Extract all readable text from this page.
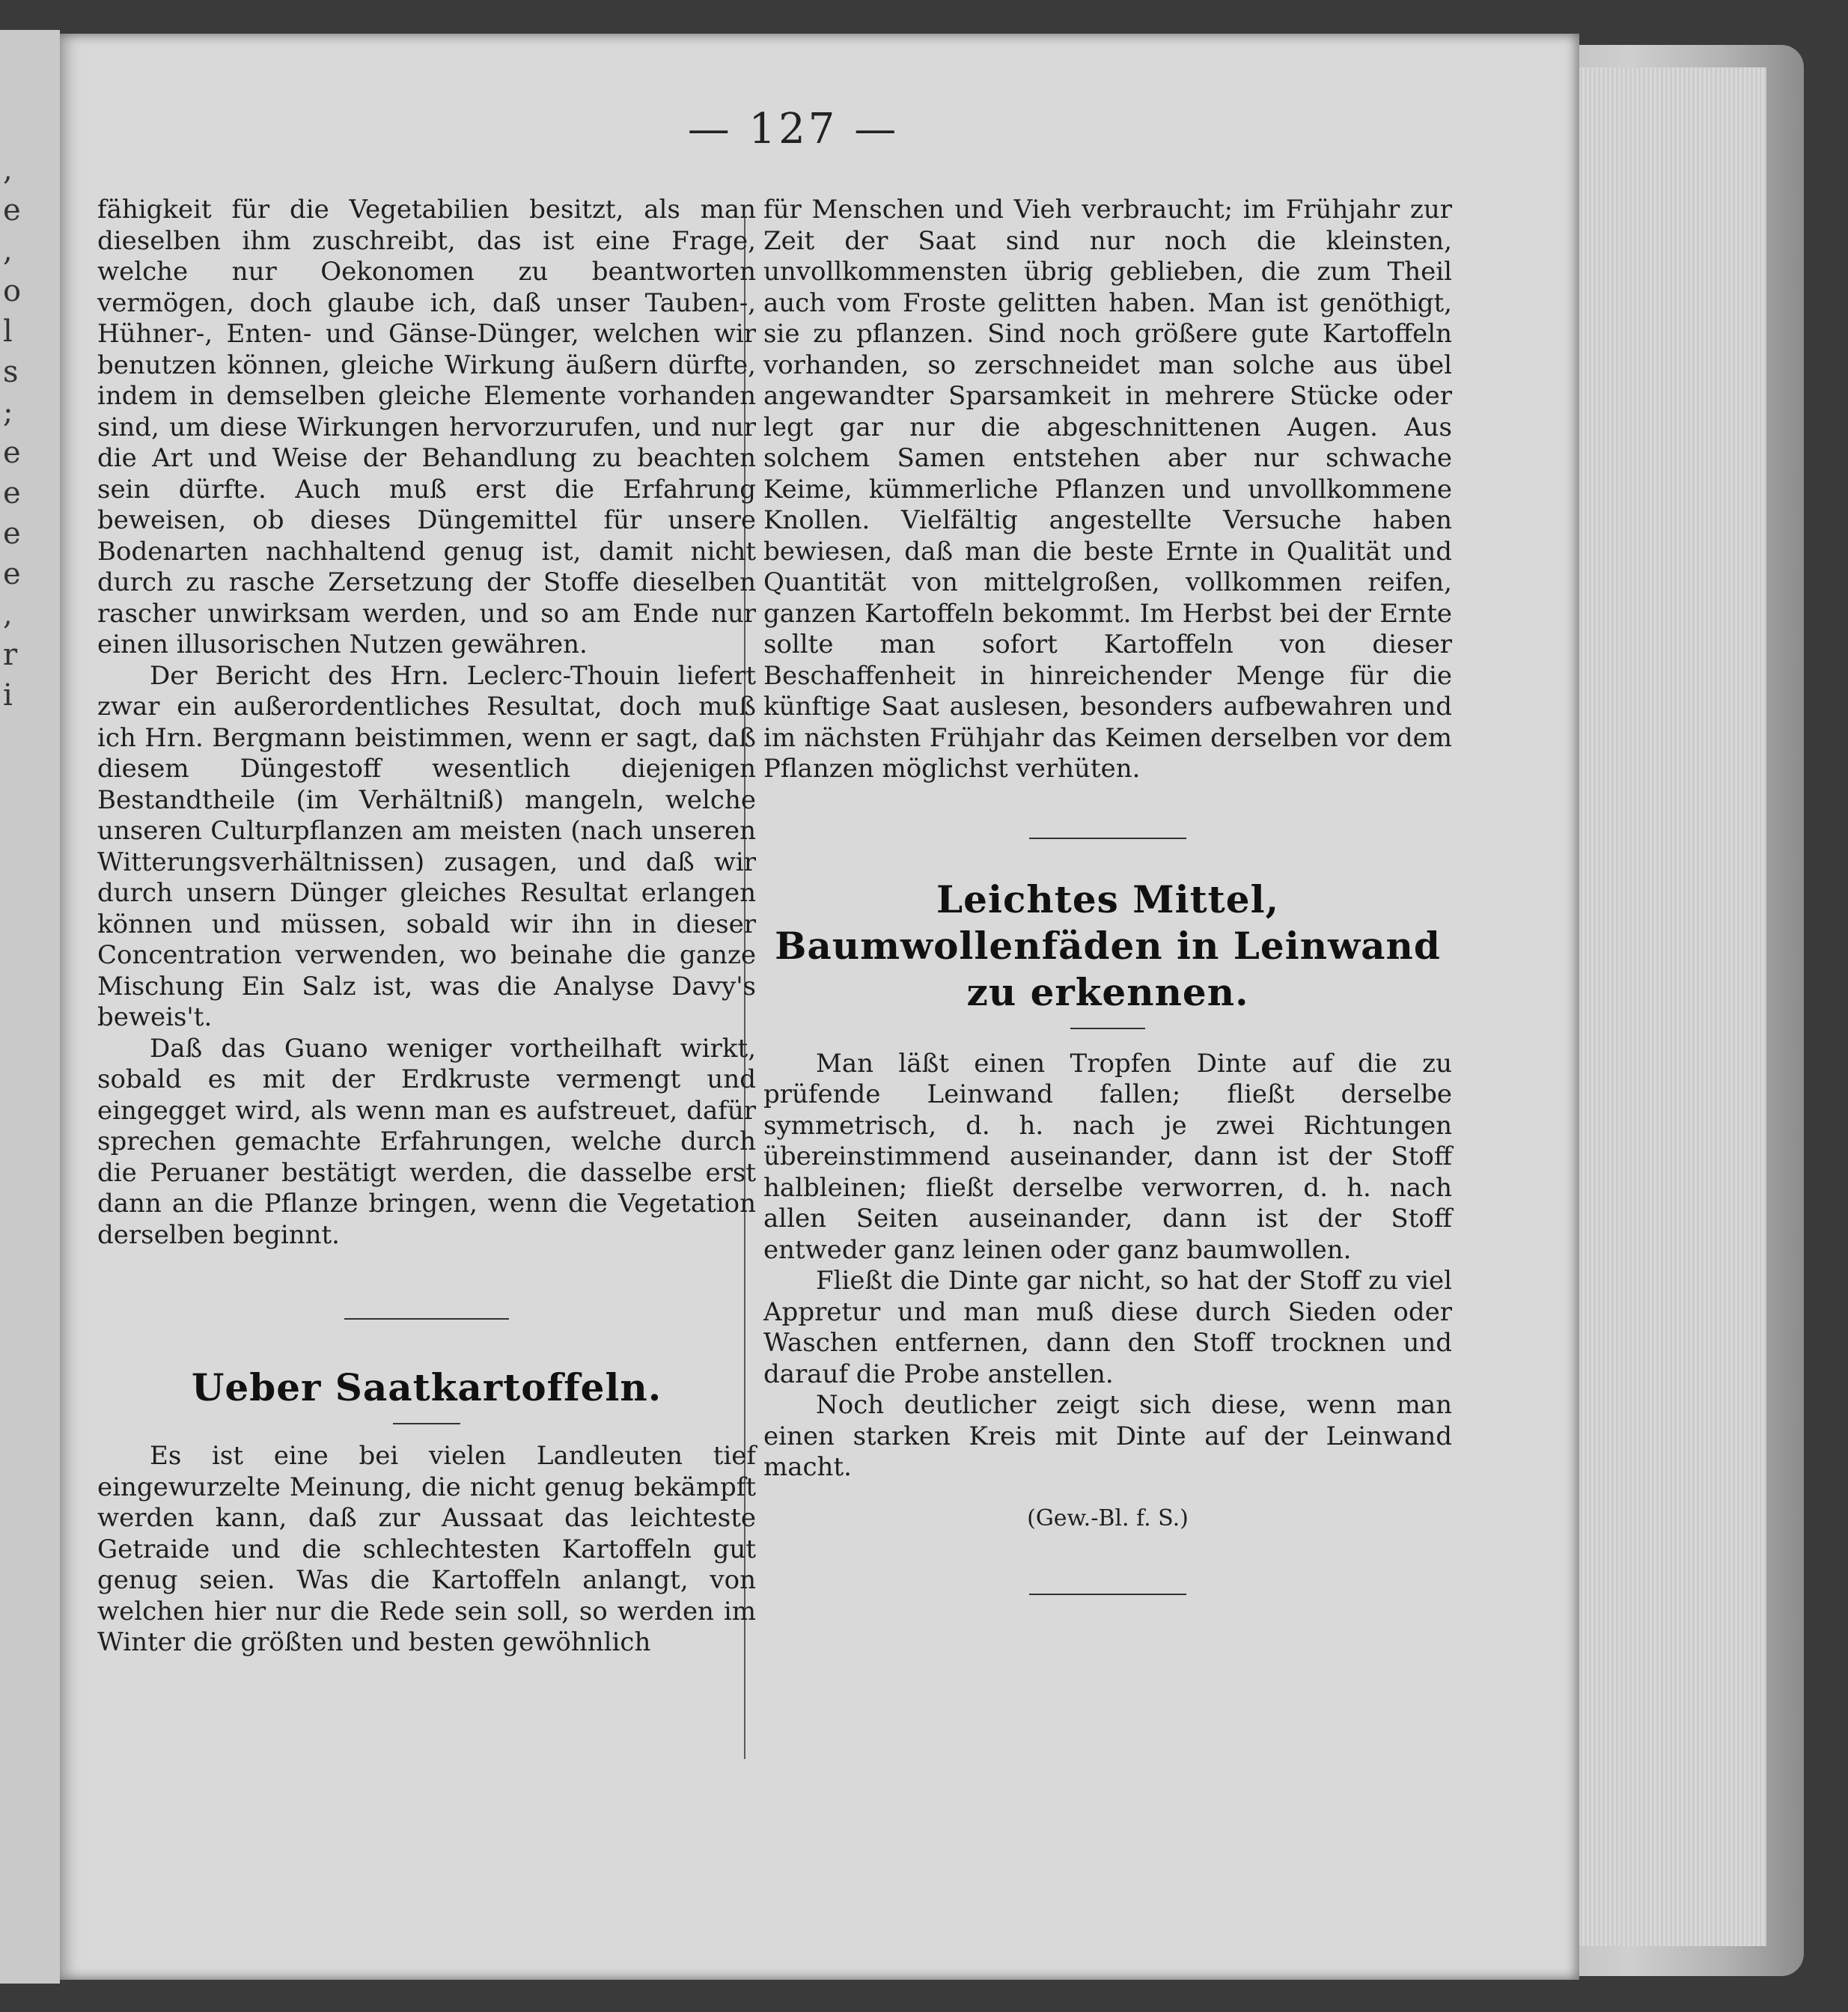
,
e
,
o
l
s
;
e
e
e
e
,
r
i
— 127 —

fähigkeit für die Vegetabilien besitzt, als man dieselben ihm zuschreibt, das ist eine Frage, welche nur Oekonomen zu beantworten vermögen, doch glaube ich, daß unser Tauben-, Hühner-, Enten- und Gänse-Dünger, welchen wir benutzen können, gleiche Wirkung äußern dürfte, indem in demselben gleiche Elemente vorhanden sind, um diese Wirkungen hervorzurufen, und nur die Art und Weise der Behandlung zu beachten sein dürfte. Auch muß erst die Erfahrung beweisen, ob dieses Düngemittel für unsere Bodenarten nachhaltend genug ist, damit nicht durch zu rasche Zersetzung der Stoffe dieselben rascher unwirksam werden, und so am Ende nur einen illusorischen Nutzen gewähren.

Der Bericht des Hrn. Leclerc-Thouin liefert zwar ein außerordentliches Resultat, doch muß ich Hrn. Bergmann beistimmen, wenn er sagt, daß diesem Düngestoff wesentlich diejenigen Bestandtheile (im Verhältniß) mangeln, welche unseren Culturpflanzen am meisten (nach unseren Witterungsverhältnissen) zusagen, und daß wir durch unsern Dünger gleiches Resultat erlangen können und müssen, sobald wir ihn in dieser Concentration verwenden, wo beinahe die ganze Mischung Ein Salz ist, was die Analyse Davy's beweis't.

Daß das Guano weniger vortheilhaft wirkt, sobald es mit der Erdkruste vermengt und eingegget wird, als wenn man es aufstreuet, dafür sprechen gemachte Erfahrungen, welche durch die Peruaner bestätigt werden, die dasselbe erst dann an die Pflanze bringen, wenn die Vegetation derselben beginnt.

Ueber Saatkartoffeln.

Es ist eine bei vielen Landleuten tief eingewurzelte Meinung, die nicht genug bekämpft werden kann, daß zur Aussaat das leichteste Getraide und die schlechtesten Kartoffeln gut genug seien. Was die Kartoffeln anlangt, von welchen hier nur die Rede sein soll, so werden im Winter die größten und besten gewöhnlich

für Menschen und Vieh verbraucht; im Frühjahr zur Zeit der Saat sind nur noch die kleinsten, unvollkommensten übrig geblieben, die zum Theil auch vom Froste gelitten haben. Man ist genöthigt, sie zu pflanzen. Sind noch größere gute Kartoffeln vorhanden, so zerschneidet man solche aus übel angewandter Sparsamkeit in mehrere Stücke oder legt gar nur die abgeschnittenen Augen. Aus solchem Samen entstehen aber nur schwache Keime, kümmerliche Pflanzen und unvollkommene Knollen. Vielfältig angestellte Versuche haben bewiesen, daß man die beste Ernte in Qualität und Quantität von mittelgroßen, vollkommen reifen, ganzen Kartoffeln bekommt. Im Herbst bei der Ernte sollte man sofort Kartoffeln von dieser Beschaffenheit in hinreichender Menge für die künftige Saat auslesen, besonders aufbewahren und im nächsten Frühjahr das Keimen derselben vor dem Pflanzen möglichst verhüten.

Leichtes Mittel, Baumwollenfäden in Leinwand zu erkennen.

Man läßt einen Tropfen Dinte auf die zu prüfende Leinwand fallen; fließt derselbe symmetrisch, d. h. nach je zwei Richtungen übereinstimmend auseinander, dann ist der Stoff halbleinen; fließt derselbe verworren, d. h. nach allen Seiten auseinander, dann ist der Stoff entweder ganz leinen oder ganz baumwollen.

Fließt die Dinte gar nicht, so hat der Stoff zu viel Appretur und man muß diese durch Sieden oder Waschen entfernen, dann den Stoff trocknen und darauf die Probe anstellen.

Noch deutlicher zeigt sich diese, wenn man einen starken Kreis mit Dinte auf der Leinwand macht.

(Gew.-Bl. f. S.)
